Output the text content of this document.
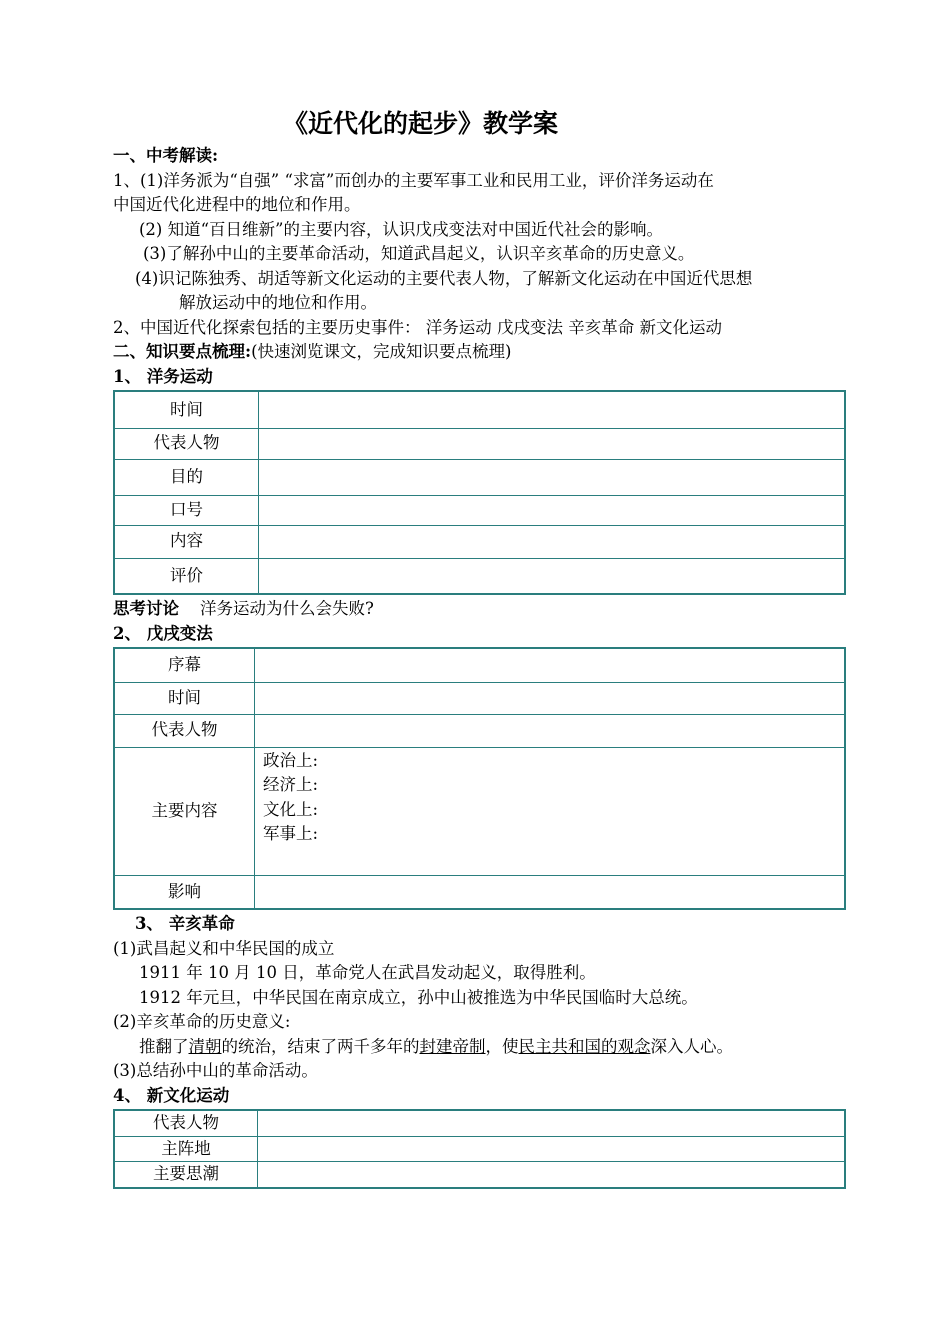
《近代化的起步》教学案
一、中考解读:
1、(1)洋务派为“自强” “求富”而创办的主要军事工业和民用工业，评价洋务运动在
中国近代化进程中的地位和作用。
(2) 知道“百日维新”的主要内容，认识戊戌变法对中国近代社会的影响。
(3)了解孙中山的主要革命活动，知道武昌起义，认识辛亥革命的历史意义。
(4)识记陈独秀、胡适等新文化运动的主要代表人物，了解新文化运动在中国近代思想
解放运动中的地位和作用。
2、中国近代化探索包括的主要历史事件： 洋务运动 戊戌变法 辛亥革命 新文化运动
二、知识要点梳理:(快速浏览课文，完成知识要点梳理)
1、 洋务运动
时间	
代表人物	
目的	
口号	
内容	
评价	
思考讨论 洋务运动为什么会失败?
2、 戊戌变法
序幕	
时间	
代表人物	
主要内容	政治上:
经济上:
文化上:
军事上:

影响	
3、 辛亥革命
(1)武昌起义和中华民国的成立
1911 年 10 月 10 日，革命党人在武昌发动起义，取得胜利。
1912 年元旦，中华民国在南京成立，孙中山被推选为中华民国临时大总统。
(2)辛亥革命的历史意义:
推翻了清朝的统治，结束了两千多年的封建帝制，使民主共和国的观念深入人心。
(3)总结孙中山的革命活动。
4、 新文化运动
代表人物	
主阵地	
主要思潮	
